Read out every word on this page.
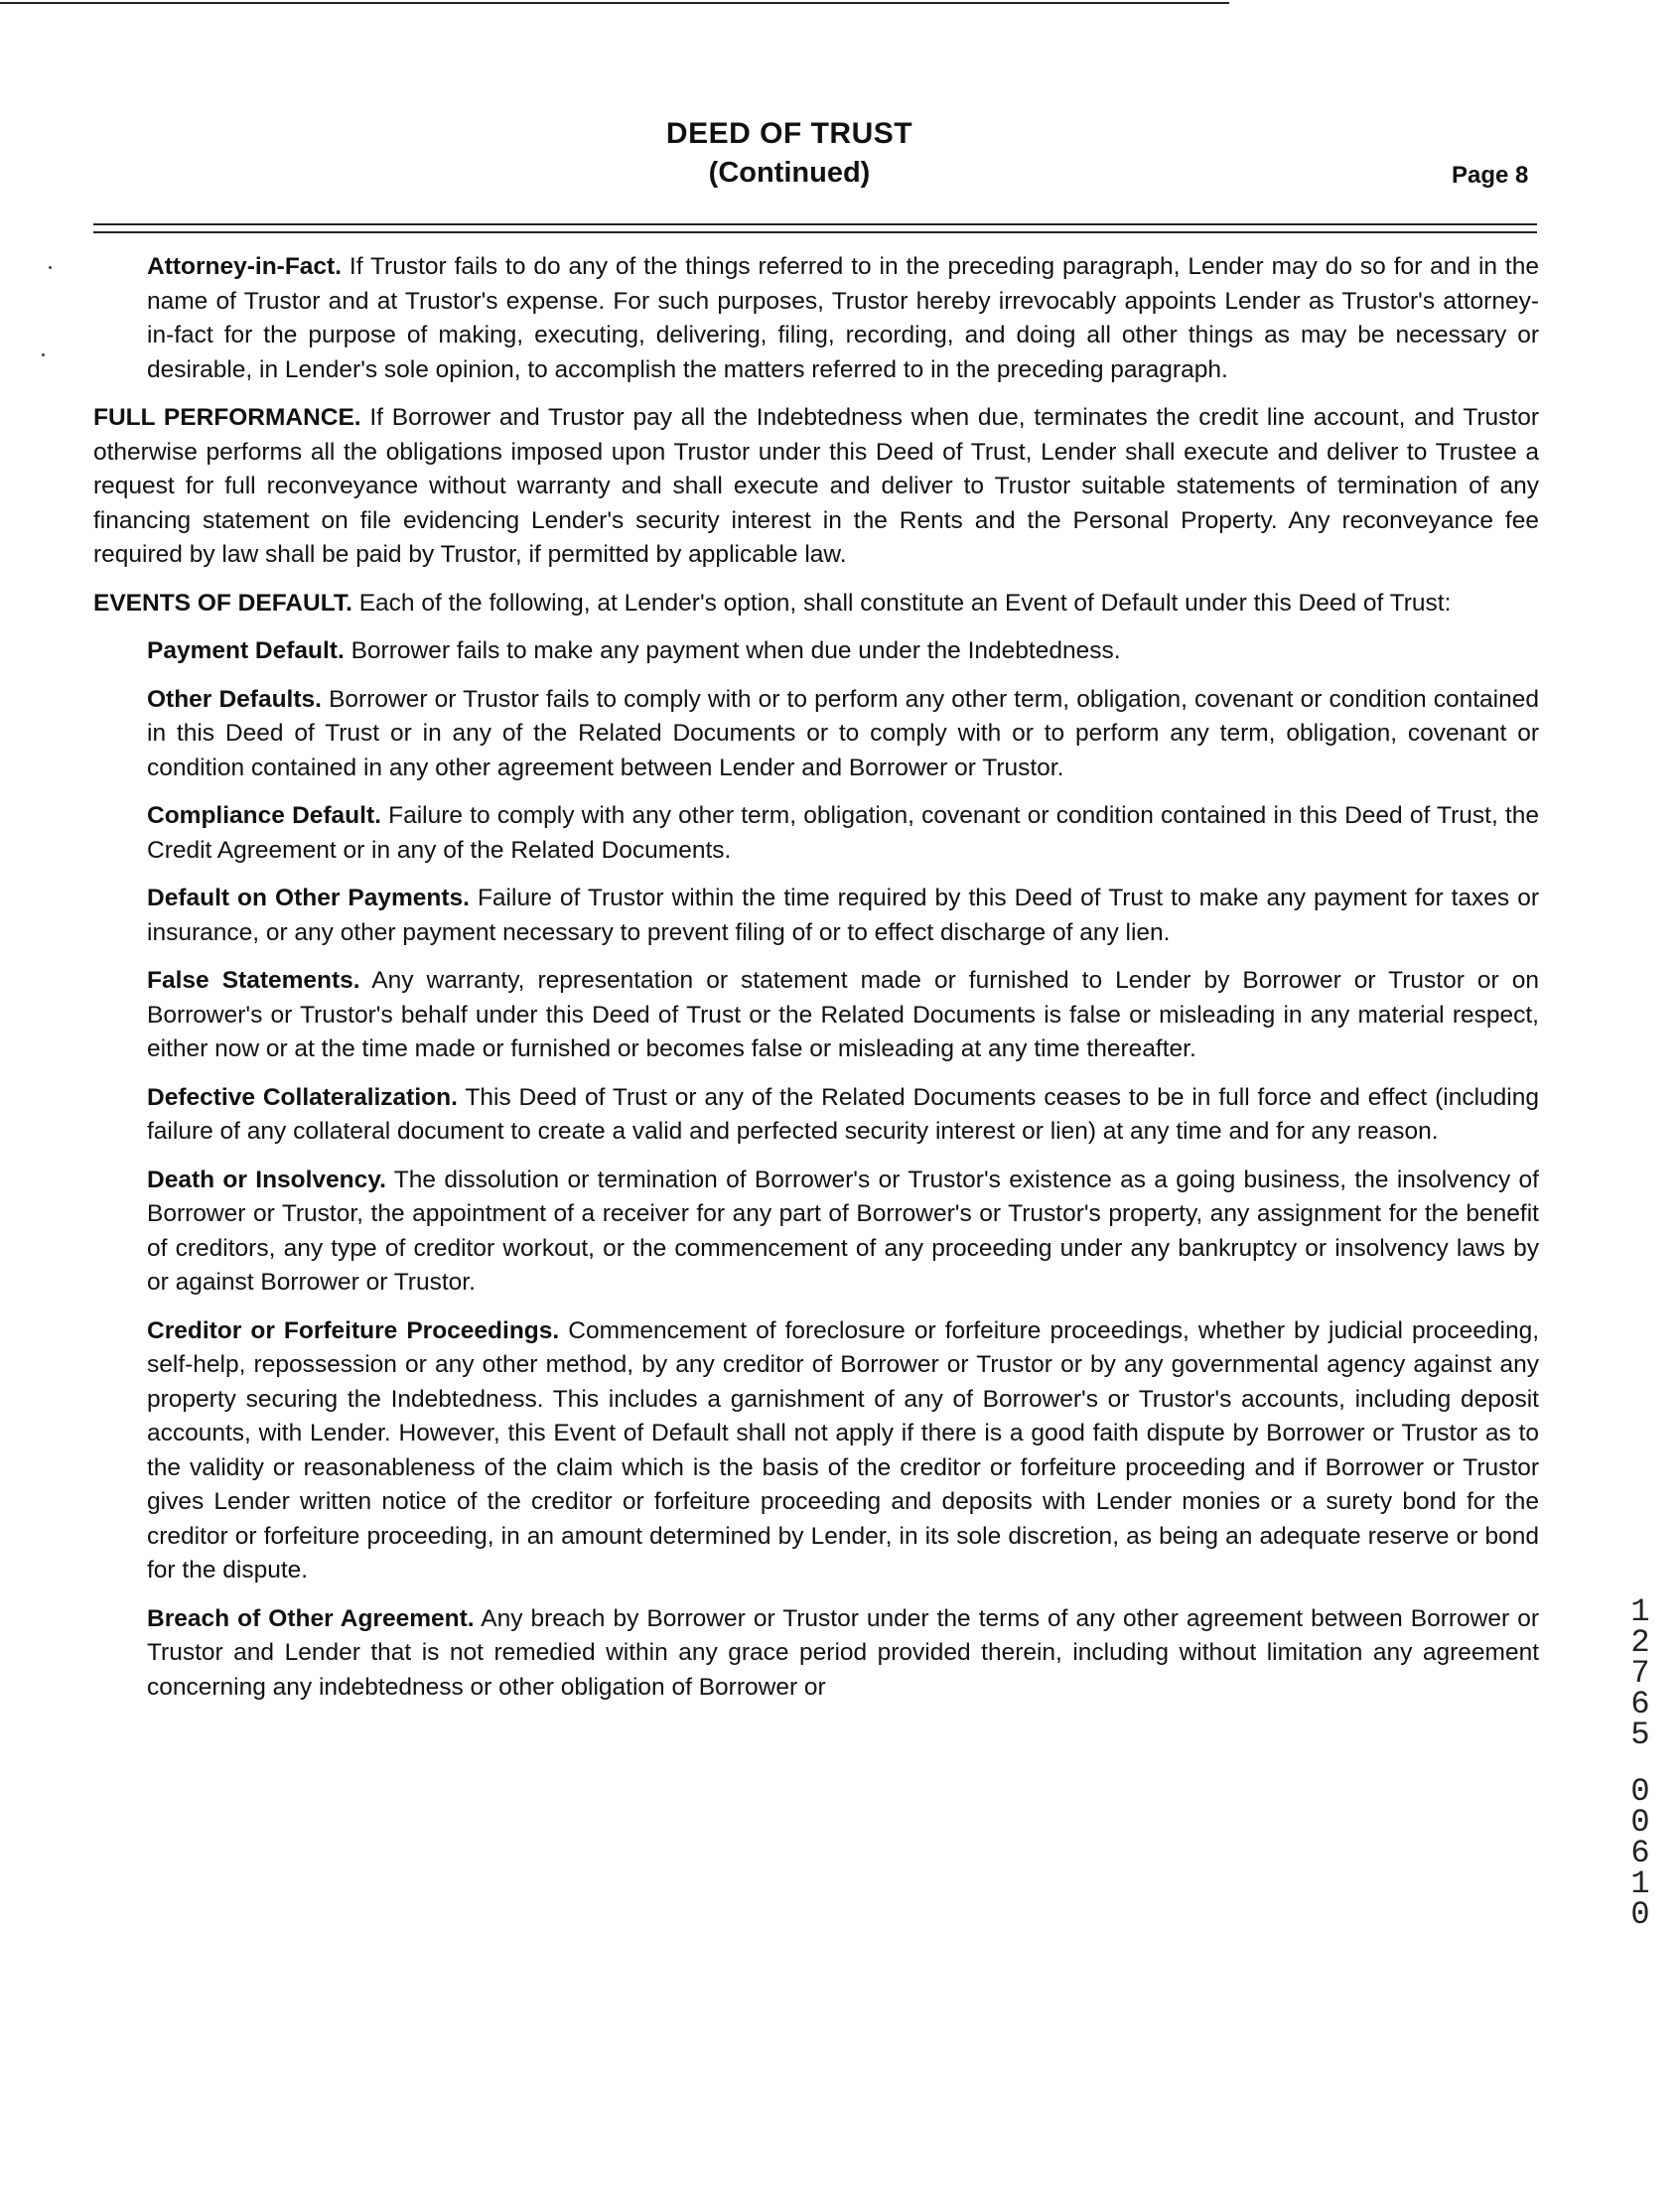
DEED OF TRUST
(Continued)	Page 8

Attorney-in-Fact. If Trustor fails to do any of the things referred to in the preceding paragraph, Lender may do so for and in the name of Trustor and at Trustor's expense. For such purposes, Trustor hereby irrevocably appoints Lender as Trustor's attorney-in-fact for the purpose of making, executing, delivering, filing, recording, and doing all other things as may be necessary or desirable, in Lender's sole opinion, to accomplish the matters referred to in the preceding paragraph.

FULL PERFORMANCE. If Borrower and Trustor pay all the Indebtedness when due, terminates the credit line account, and Trustor otherwise performs all the obligations imposed upon Trustor under this Deed of Trust, Lender shall execute and deliver to Trustee a request for full reconveyance without warranty and shall execute and deliver to Trustor suitable statements of termination of any financing statement on file evidencing Lender's security interest in the Rents and the Personal Property. Any reconveyance fee required by law shall be paid by Trustor, if permitted by applicable law.

EVENTS OF DEFAULT. Each of the following, at Lender's option, shall constitute an Event of Default under this Deed of Trust:

Payment Default. Borrower fails to make any payment when due under the Indebtedness.

Other Defaults. Borrower or Trustor fails to comply with or to perform any other term, obligation, covenant or condition contained in this Deed of Trust or in any of the Related Documents or to comply with or to perform any term, obligation, covenant or condition contained in any other agreement between Lender and Borrower or Trustor.

Compliance Default. Failure to comply with any other term, obligation, covenant or condition contained in this Deed of Trust, the Credit Agreement or in any of the Related Documents.

Default on Other Payments. Failure of Trustor within the time required by this Deed of Trust to make any payment for taxes or insurance, or any other payment necessary to prevent filing of or to effect discharge of any lien.

False Statements. Any warranty, representation or statement made or furnished to Lender by Borrower or Trustor or on Borrower's or Trustor's behalf under this Deed of Trust or the Related Documents is false or misleading in any material respect, either now or at the time made or furnished or becomes false or misleading at any time thereafter.

Defective Collateralization. This Deed of Trust or any of the Related Documents ceases to be in full force and effect (including failure of any collateral document to create a valid and perfected security interest or lien) at any time and for any reason.

Death or Insolvency. The dissolution or termination of Borrower's or Trustor's existence as a going business, the insolvency of Borrower or Trustor, the appointment of a receiver for any part of Borrower's or Trustor's property, any assignment for the benefit of creditors, any type of creditor workout, or the commencement of any proceeding under any bankruptcy or insolvency laws by or against Borrower or Trustor.

Creditor or Forfeiture Proceedings. Commencement of foreclosure or forfeiture proceedings, whether by judicial proceeding, self-help, repossession or any other method, by any creditor of Borrower or Trustor or by any governmental agency against any property securing the Indebtedness. This includes a garnishment of any of Borrower's or Trustor's accounts, including deposit accounts, with Lender. However, this Event of Default shall not apply if there is a good faith dispute by Borrower or Trustor as to the validity or reasonableness of the claim which is the basis of the creditor or forfeiture proceeding and if Borrower or Trustor gives Lender written notice of the creditor or forfeiture proceeding and deposits with Lender monies or a surety bond for the creditor or forfeiture proceeding, in an amount determined by Lender, in its sole discretion, as being an adequate reserve or bond for the dispute.

Breach of Other Agreement. Any breach by Borrower or Trustor under the terms of any other agreement between Borrower or Trustor and Lender that is not remedied within any grace period provided therein, including without limitation any agreement concerning any indebtedness or other obligation of Borrower or

1
2
7
6
5
0
0
6
1
0
